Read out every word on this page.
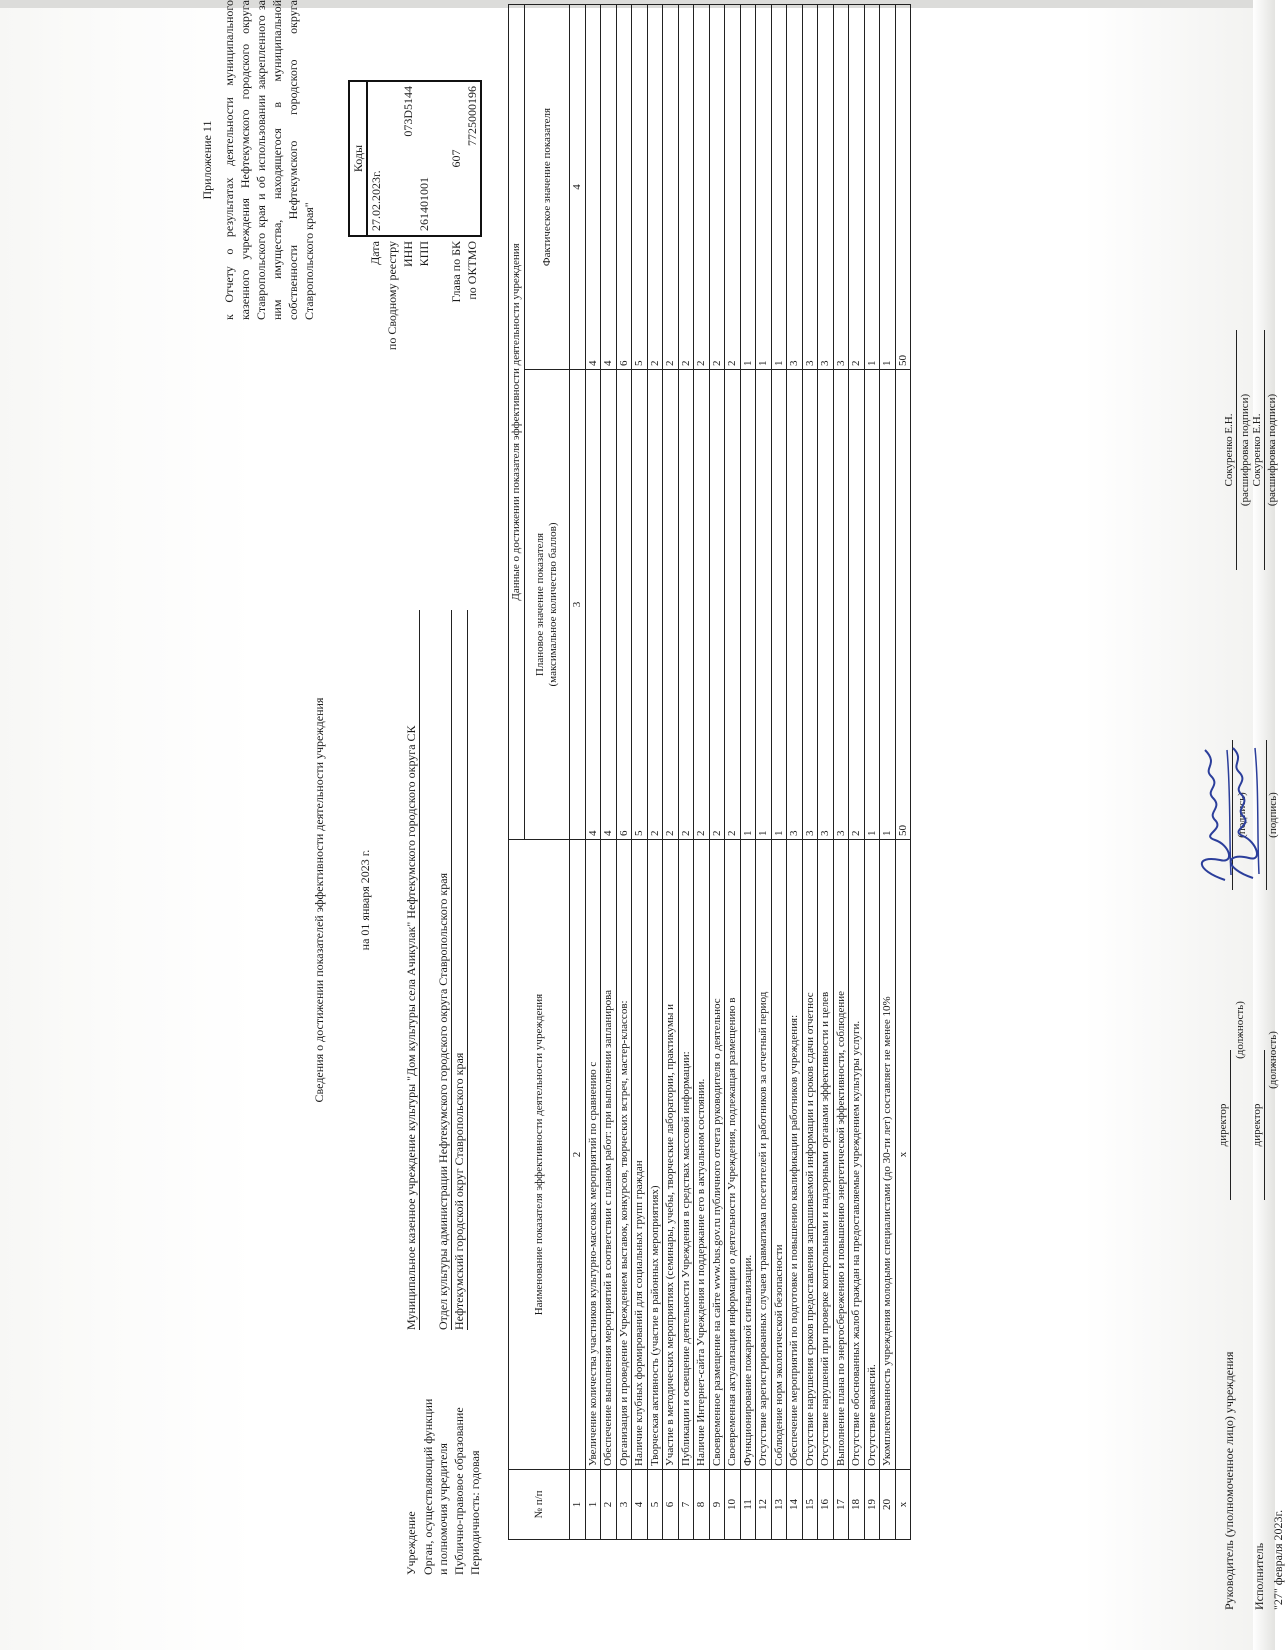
Приложение 11 к Отчету о результатах деятельности муниципального казенного учреждения Нефтекумского городского округа Ставропольского края и об использовании закрепленного за ним имущества, находящегося в муниципальной собственности Нефтекумского городского округа Ставропольского края"
	Коды
Дата	27.02.2023г.
по Сводному реестру	
ИНН	073D5144
КПП	261401001

Глава по БК	607
по ОКТМО	7725000196
Сведения о достижении показателей эффективности деятельности учреждения	на 01 января 2023 г.
Учреждение
Муниципальное казенное учреждение культуры "Дом культуры села Ачикулак" Нефтекумского городского округа СК
Орган, осуществляющий функции и полномочия учредителя
Отдел культуры администрации Нефтекумского городского округа Ставропольского края
Публично-правовое образование
Нефтекумский городской округ Ставропольского края
Периодичность: годовая	№ п/п	Наименование показателя эффективности деятельности учреждения	Данные о достижении показателя эффективности деятельности учреждения	
		Плановое значение показателя
(максимальное количество баллов)	Фактическое значение показателя
1	2	3	4
1	Увеличение количества участников культурно-массовых мероприятий по сравнению с	4	4
2	Обеспечение выполнения мероприятий в соответствии с планом работ: при выполнении запланирова	4	4
3	Организация и проведение Учреждением выставок, конкурсов, творческих встреч, мастер-классов:	6	6
4	Наличие клубных формирований для социальных групп граждан	5	5
5	Творческая активность (участие в районных мероприятиях)	2	2
6	Участие в методических мероприятиях (семинары, учебы, творческие лаборатории, практикумы и	2	2
7	Публикации и освещение деятельности Учреждения в средствах массовой информации:	2	2
8	Наличие Интернет-сайта Учреждения и поддержание его в актуальном состоянии.	2	2
9	Своевременное размещение на сайте www.bus.gov.ru публичного отчета руководителя о деятельнос	2	2
10	Своевременная актуализация информации о деятельности Учреждения, подлежащая размещению в	2	2
11	Функционирование пожарной сигнализации.	1	1
12	Отсутствие зарегистрированных случаев травматизма посетителей и работников за отчетный период	1	1
13	Соблюдение норм экологической безопасности	1	1
14	Обеспечение мероприятий по подготовке и повышению квалификации работников учреждения:	3	3
15	Отсутствие нарушения сроков предоставления запрашиваемой информации и сроков сдачи отчетнос	3	3
16	Отсутствие нарушений при проверке контрольными и надзорными органами эффективности и целев	3	3
17	Выполнение плана по энергосбережению и повышению энергетической эффективности, соблюдение	3	3
18	Отсутствие обоснованных жалоб граждан на предоставляемые учреждением культуры услуги.	2	2
19	Отсутствие вакансий.	1	1
20	Укомплектованность учреждения молодыми специалистами (до 30-ти лет) составляет не менее 10%	1	1
x	x	50	50
Руководитель (уполномоченное лицо) учреждения
директор
(должность)
(подпись)
Сокуренко Е.Н. (расшифровка подписи)
Исполнитель
директор
(должность)
(подпись)
Сокуренко Е.Н. (расшифровка подписи)
"27" февраля 2023г.
